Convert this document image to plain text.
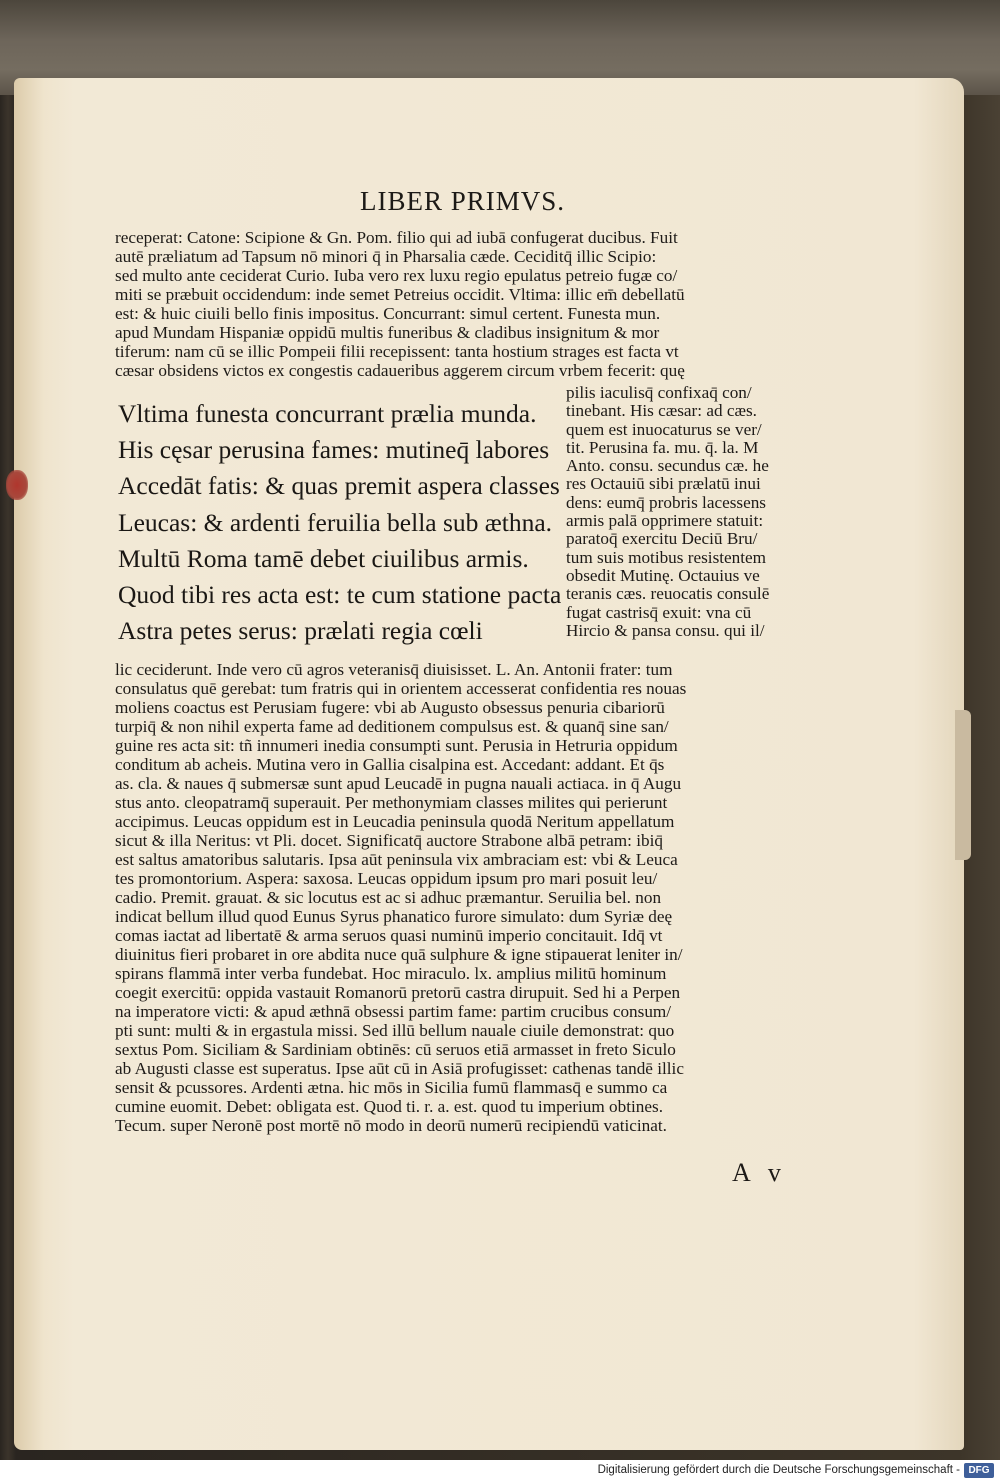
LIBER PRIMVS.
receperat: Catone: Scipione & Gn. Pom. filio qui ad iubā confugerat ducibus. Fuit
autē præliatum ad Tapsum nō minori q̄ in Pharsalia cæde. Ceciditq̄ illic Scipio:
sed multo ante ceciderat Curio. Iuba vero rex luxu regio epulatus petreio fugæ co/
miti se præbuit occidendum: inde semet Petreius occidit. Vltima: illic em̄ debellatū
est: & huic ciuili bello finis impositus. Concurrant: simul certent. Funesta mun.
apud Mundam Hispaniæ oppidū multis funeribus & cladibus insignitum & mor
tiferum: nam cū se illic Pompeii filii recepissent: tanta hostium strages est facta vt
cæsar obsidens victos ex congestis cadaueribus aggerem circum vrbem fecerit: quę
Vltima funesta concurrant prælia munda.
His cęsar perusina fames: mutineq̄ labores
Accedāt fatis: & quas premit aspera classes
Leucas: & ardenti feruilia bella sub æthna.
Multū Roma tamē debet ciuilibus armis.
Quod tibi res acta est: te cum statione pacta
Astra petes serus: prælati regia cœli
pilis iaculisq̄ confixaq̄ con/
tinebant. His cæsar: ad cæs.
quem est inuocaturus se ver/
tit. Perusina fa. mu. q̄. la. M
Anto. consu. secundus cæ. he
res Octauiū sibi prælatū inui
dens: eumq̄ probris lacessens
armis palā opprimere statuit:
paratoq̄ exercitu Deciū Bru/
tum suis motibus resistentem
obsedit Mutinę. Octauius ve
teranis cæs. reuocatis consulē
fugat castrisq̄ exuit: vna cū
Hircio & pansa consu. qui il/
lic ceciderunt. Inde vero cū agros veteranisq̄ diuisisset. L. An. Antonii frater: tum
consulatus quē gerebat: tum fratris qui in orientem accesserat confidentia res nouas
moliens coactus est Perusiam fugere: vbi ab Augusto obsessus penuria cibariorū
turpiq̄ & non nihil experta fame ad deditionem compulsus est. & quanq̄ sine san/
guine res acta sit: tñ innumeri inedia consumpti sunt. Perusia in Hetruria oppidum
conditum ab acheis. Mutina vero in Gallia cisalpina est. Accedant: addant. Et q̄s
as. cla. & naues q̄ submersæ sunt apud Leucadē in pugna nauali actiaca. in q̄ Augu
stus anto. cleopatramq̄ superauit. Per methonymiam classes milites qui perierunt
accipimus. Leucas oppidum est in Leucadia peninsula quodā Neritum appellatum
sicut & illa Neritus: vt Pli. docet. Significatq̄ auctore Strabone albā petram: ibiq̄
est saltus amatoribus salutaris. Ipsa aūt peninsula vix ambraciam est: vbi & Leuca
tes promontorium. Aspera: saxosa. Leucas oppidum ipsum pro mari posuit leu/
cadio. Premit. grauat. & sic locutus est ac si adhuc præmantur. Seruilia bel. non
indicat bellum illud quod Eunus Syrus phanatico furore simulato: dum Syriæ deę
comas iactat ad libertatē & arma seruos quasi numinū imperio concitauit. Idq̄ vt
diuinitus fieri probaret in ore abdita nuce quā sulphure & igne stipauerat leniter in/
spirans flammā inter verba fundebat. Hoc miraculo. lx. amplius militū hominum
coegit exercitū: oppida vastauit Romanorū pretorū castra dirupuit. Sed hi a Perpen
na imperatore victi: & apud æthnā obsessi partim fame: partim crucibus consum/
pti sunt: multi & in ergastula missi. Sed illū bellum nauale ciuile demonstrat: quo
sextus Pom. Siciliam & Sardiniam obtinēs: cū seruos etiā armasset in freto Siculo
ab Augusti classe est superatus. Ipse aūt cū in Asiā profugisset: cathenas tandē illic
sensit & pcussores. Ardenti ætna. hic mōs in Sicilia fumū flammasq̄ e summo ca
cumine euomit. Debet: obligata est. Quod ti. r. a. est. quod tu imperium obtines.
Tecum. super Neronē post mortē nō modo in deorū numerū recipiendū vaticinat.
A v
Digitalisierung gefördert durch die Deutsche Forschungsgemeinschaft - DFG
